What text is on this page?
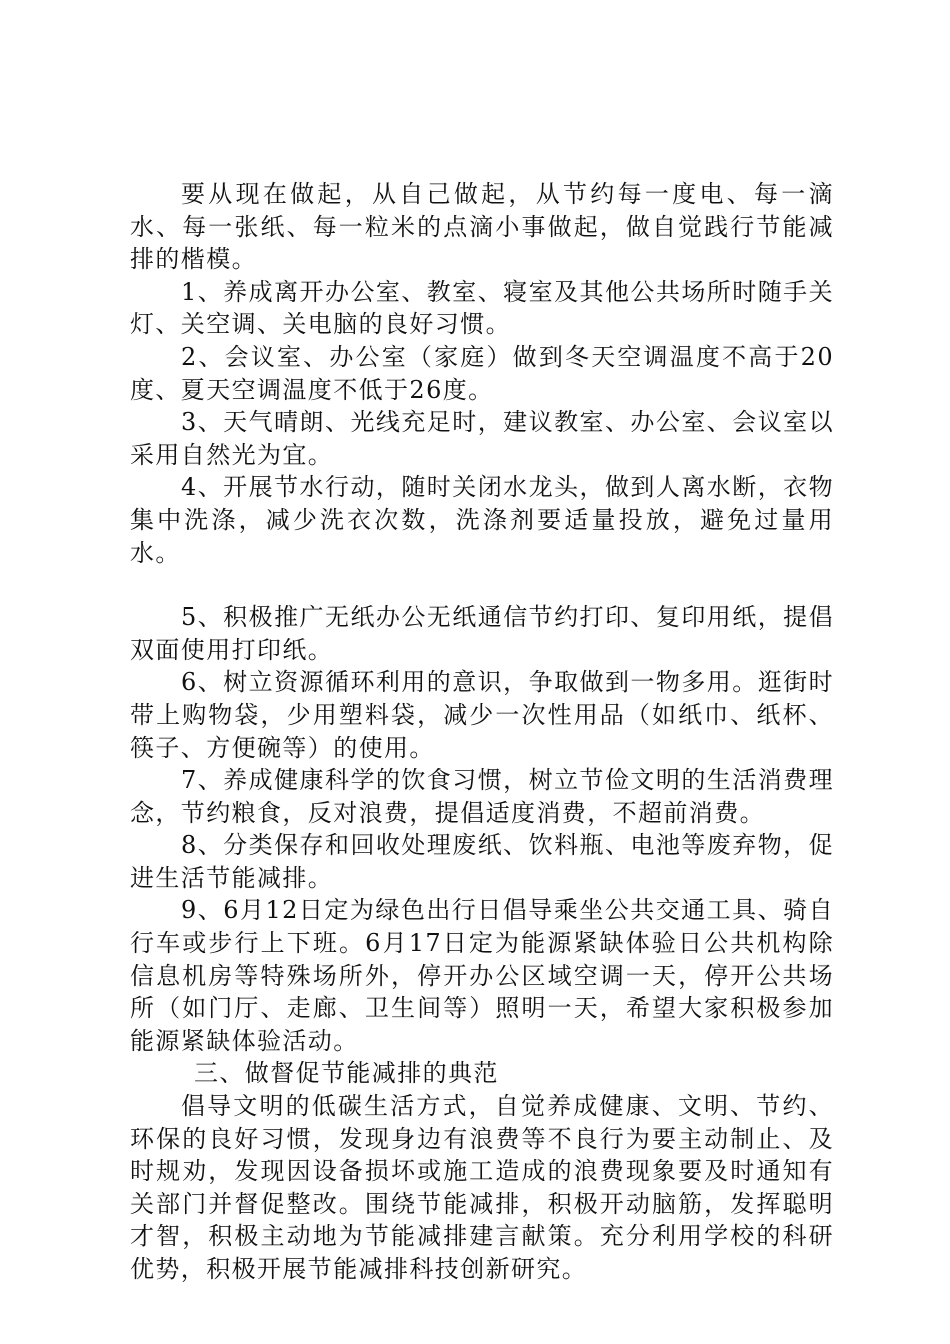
要从现在做起，从自己做起，从节约每一度电、每一滴水、每一张纸、每一粒米的点滴小事做起，做自觉践行节能减排的楷模。

1、养成离开办公室、教室、寝室及其他公共场所时随手关灯、关空调、关电脑的良好习惯。

2、会议室、办公室（家庭）做到冬天空调温度不高于20度、夏天空调温度不低于26度。

3、天气晴朗、光线充足时，建议教室、办公室、会议室以采用自然光为宜。

4、开展节水行动，随时关闭水龙头，做到人离水断，衣物集中洗涤，减少洗衣次数，洗涤剂要适量投放，避免过量用水。

5、积极推广无纸办公无纸通信节约打印、复印用纸，提倡双面使用打印纸。

6、树立资源循环利用的意识，争取做到一物多用。逛街时带上购物袋，少用塑料袋，减少一次性用品（如纸巾、纸杯、筷子、方便碗等）的使用。

7、养成健康科学的饮食习惯，树立节俭文明的生活消费理念，节约粮食，反对浪费，提倡适度消费，不超前消费。

8、分类保存和回收处理废纸、饮料瓶、电池等废弃物，促进生活节能减排。

9、6月12日定为绿色出行日倡导乘坐公共交通工具、骑自行车或步行上下班。6月17日定为能源紧缺体验日公共机构除信息机房等特殊场所外，停开办公区域空调一天，停开公共场所（如门厅、走廊、卫生间等）照明一天，希望大家积极参加能源紧缺体验活动。

三、做督促节能减排的典范

倡导文明的低碳生活方式，自觉养成健康、文明、节约、环保的良好习惯，发现身边有浪费等不良行为要主动制止、及时规劝，发现因设备损坏或施工造成的浪费现象要及时通知有关部门并督促整改。围绕节能减排，积极开动脑筋，发挥聪明才智，积极主动地为节能减排建言献策。充分利用学校的科研优势，积极开展节能减排科技创新研究。
